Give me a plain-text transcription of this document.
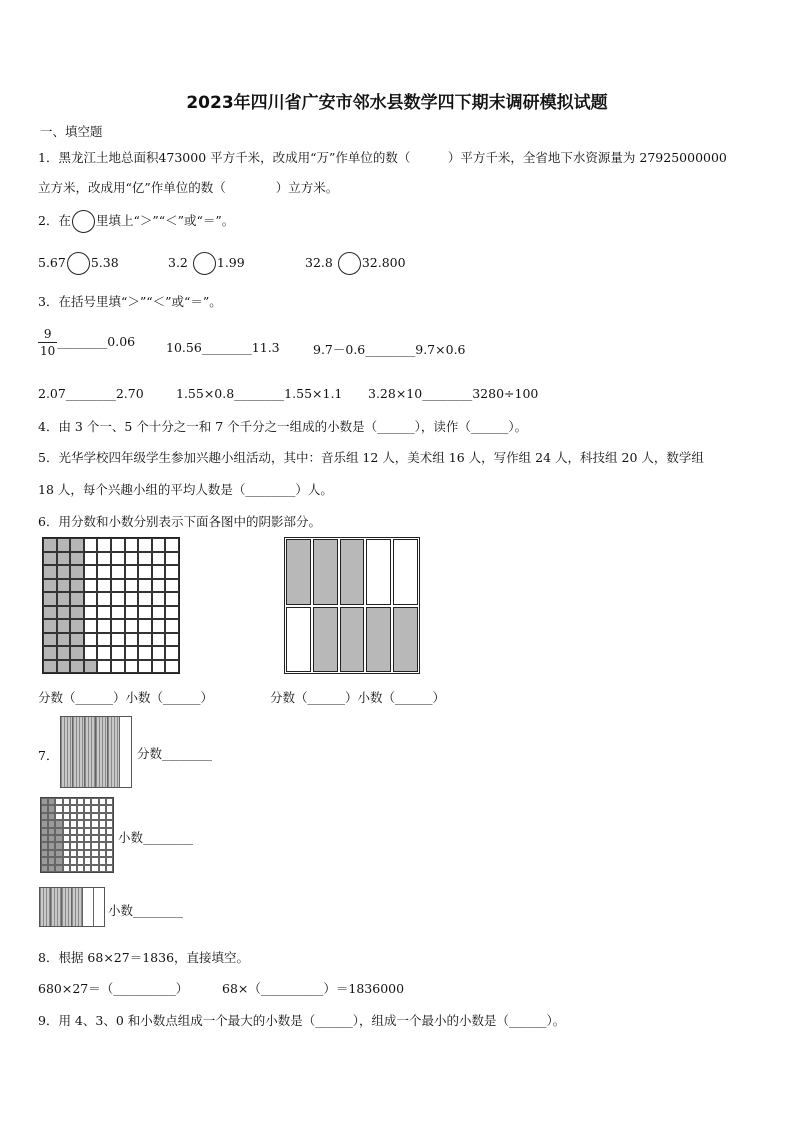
2023年四川省广安市邻水县数学四下期末调研模拟试题
一、填空题
1．黑龙江土地总面积473000 平方千米，改成用“万”作单位的数（　　　）平方千米，全省地下水资源量为 27925000000
立方米，改成用“亿”作单位的数（　　　　）立方米。
2．在 里填上“＞”“＜”或“＝”。
5.67 5.38	3.2 1.99	32.8 32.800
3．在括号里填“＞”“＜”或“＝”。
$\frac{9}{10}$ ________0.06 10.56________11.3	9.7－0.6________9.7×0.6
2.07________2.70	1.55×0.8________1.55×1.1 3.28×10________3280÷100
4．由 3 个一、5 个十分之一和 7 个千分之一组成的小数是（______），读作（______）。
5．光华学校四年级学生参加兴趣小组活动，其中：音乐组 12 人，美术组 16 人，写作组 24 人，科技组 20 人，数学组
18 人，每个兴趣小组的平均人数是（________）人。
6．用分数和小数分别表示下面各图中的阴影部分。
分数（______）小数（______）	分数（______）小数（______）
7．	分数________
小数________
小数________
8．根据 68×27＝1836，直接填空。
680×27＝（__________）	68×（__________）＝1836000
9．用 4、3、0 和小数点组成一个最大的小数是（______），组成一个最小的小数是（______）。
